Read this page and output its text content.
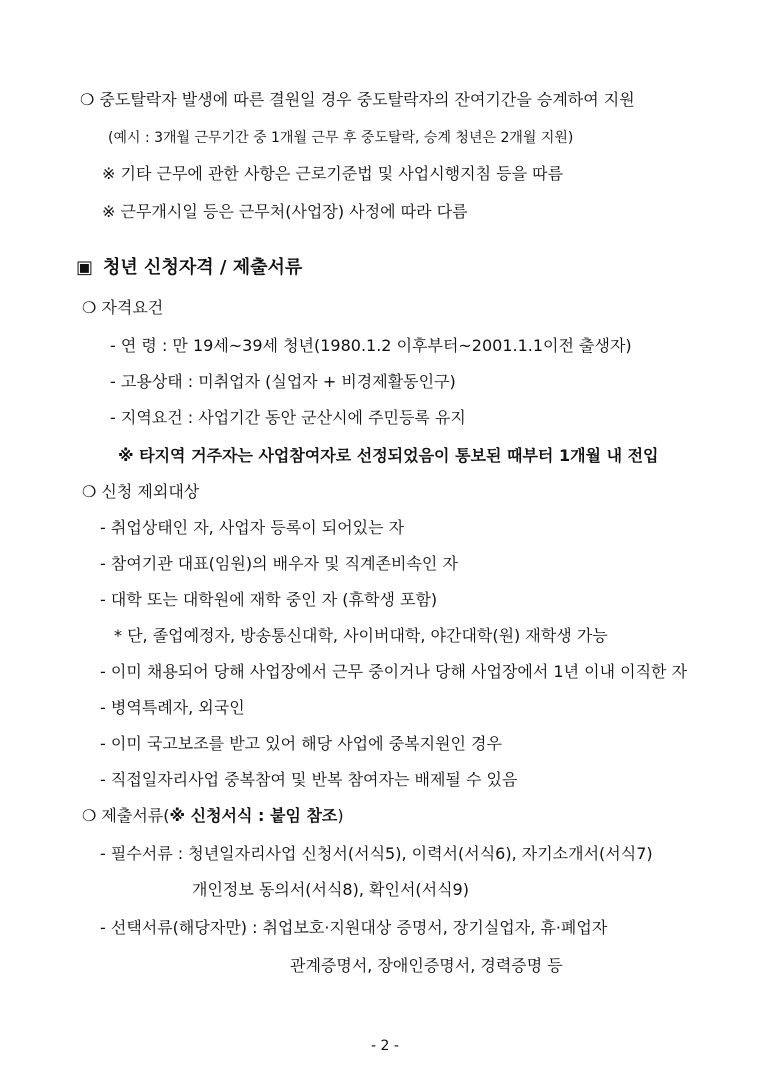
❍ 중도탈락자 발생에 따른 결원일 경우 중도탈락자의 잔여기간을 승계하여 지원
(예시 : 3개월 근무기간 중 1개월 근무 후 중도탈락, 승계 청년은 2개월 지원)
※ 기타 근무에 관한 사항은 근로기준법 및 사업시행지침 등을 따름
※ 근무개시일 등은 근무처(사업장) 사정에 따라 다름
▣ 청년 신청자격 / 제출서류
❍ 자격요건
- 연 령 : 만 19세~39세 청년(1980.1.2 이후부터~2001.1.1이전 출생자)
- 고용상태 : 미취업자 (실업자 + 비경제활동인구)
- 지역요건 : 사업기간 동안 군산시에 주민등록 유지
※ 타지역 거주자는 사업참여자로 선정되었음이 통보된 때부터 1개월 내 전입
❍ 신청 제외대상
- 취업상태인 자, 사업자 등록이 되어있는 자
- 참여기관 대표(임원)의 배우자 및 직계존비속인 자
- 대학 또는 대학원에 재학 중인 자 (휴학생 포함)
* 단, 졸업예정자, 방송통신대학, 사이버대학, 야간대학(원) 재학생 가능
- 이미 채용되어 당해 사업장에서 근무 중이거나 당해 사업장에서 1년 이내 이직한 자
- 병역특례자, 외국인
- 이미 국고보조를 받고 있어 해당 사업에 중복지원인 경우
- 직접일자리사업 중복참여 및 반복 참여자는 배제될 수 있음
❍ 제출서류(※ 신청서식 : 붙임 참조)
- 필수서류 : 청년일자리사업 신청서(서식5), 이력서(서식6), 자기소개서(서식7)
개인정보 동의서(서식8), 확인서(서식9)
- 선택서류(해당자만) : 취업보호·지원대상 증명서, 장기실업자, 휴·폐업자
관계증명서, 장애인증명서, 경력증명 등
- 2 -
